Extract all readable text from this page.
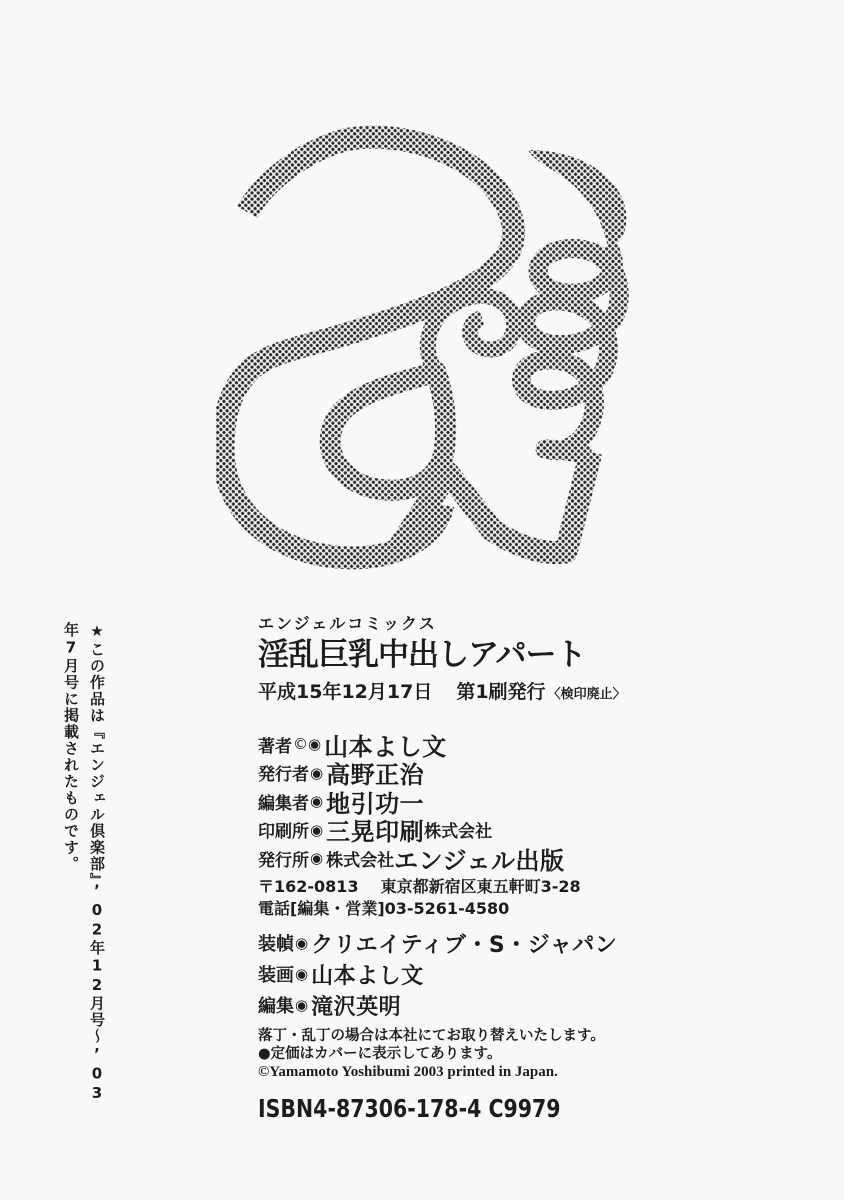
★この作品は『エンジェル倶楽部』’02年12月号〜’03年7月号に掲載されたものです。	エンジェルコミックス
淫乱巨乳中出しアパート
平成15年12月17日 第1刷発行 〈検印廃止〉
著者 ©◉ 山本よし文
発行者 ◉ 高野正治
編集者 ◉ 地引功一
印刷所 ◉ 三晃印刷 株式会社
発行所 ◉ 株式会社 エンジェル出版
〒162-0813 東京都新宿区東五軒町3-28
電話[編集・営業]03-5261-4580
装幀 ◉ クリエイティブ・S・ジャパン
装画 ◉ 山本よし文
編集 ◉ 滝沢英明
落丁・乱丁の場合は本社にてお取り替えいたします。
●定価はカバーに表示してあります。
©Yamamoto Yoshibumi 2003 printed in Japan.
ISBN4-87306-178-4 C9979
